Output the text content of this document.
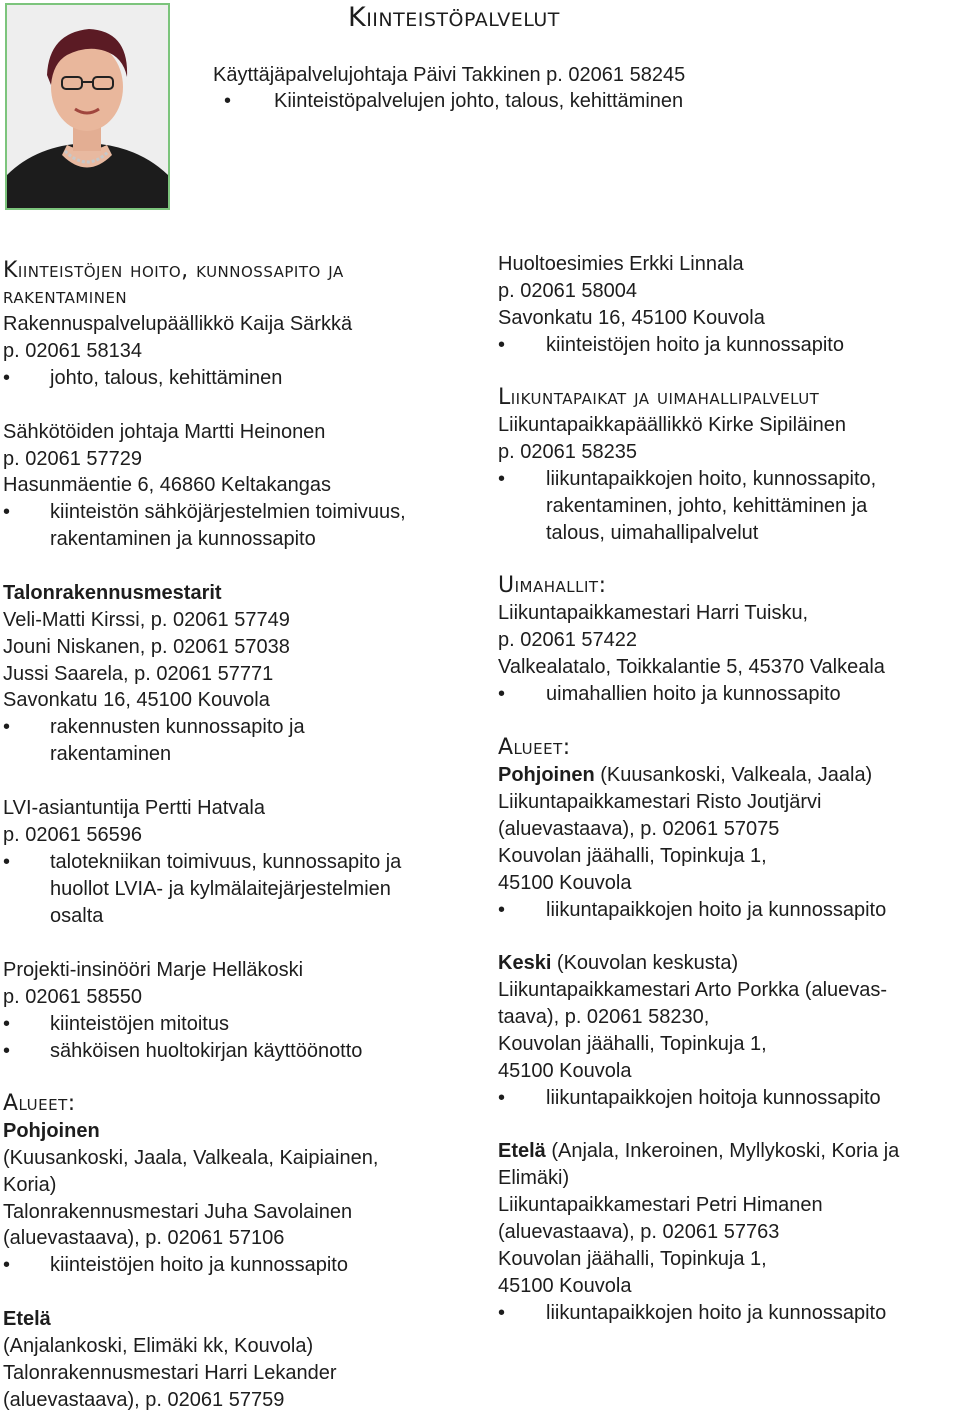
Kiinteistöpalvelut
Käyttäjäpalvelujohtaja Päivi Takkinen p. 02061 58245
• Kiinteistöpalvelujen johto, talous, kehittäminen
Kiinteistöjen hoito, kunnossapito ja
rakentaminen
Rakennuspalvelupäällikkö Kaija Särkkä
p. 02061 58134
• johto, talous, kehittäminen
Sähkötöiden johtaja Martti Heinonen
p. 02061 57729
Hasunmäentie 6, 46860 Keltakangas
• kiinteistön sähköjärjestelmien toimivuus,
rakentaminen ja kunnossapito
Talonrakennusmestarit
Veli-Matti Kirssi, p. 02061 57749
Jouni Niskanen, p. 02061 57038
Jussi Saarela, p. 02061 57771
Savonkatu 16, 45100 Kouvola
• rakennusten kunnossapito ja
rakentaminen
LVI-asiantuntija Pertti Hatvala
p. 02061 56596
• talotekniikan toimivuus, kunnossapito ja
huollot LVIA- ja kylmälaitejärjestelmien
osalta
Projekti-insinööri Marje Helläkoski
p. 02061 58550
• kiinteistöjen mitoitus
• sähköisen huoltokirjan käyttöönotto
Alueet:
Pohjoinen
(Kuusankoski, Jaala, Valkeala, Kaipiainen,
Koria)
Talonrakennusmestari Juha Savolainen
(aluevastaava), p. 02061 57106
• kiinteistöjen hoito ja kunnossapito
Etelä
(Anjalankoski, Elimäki kk, Kouvola)
Talonrakennusmestari Harri Lekander
(aluevastaava), p. 02061 57759
Huoltoesimies Erkki Linnala
p. 02061 58004
Savonkatu 16, 45100 Kouvola
• kiinteistöjen hoito ja kunnossapito
Liikuntapaikat ja uimahallipalvelut
Liikuntapaikkapäällikkö Kirke Sipiläinen
p. 02061 58235
• liikuntapaikkojen hoito, kunnossapito,
rakentaminen, johto, kehittäminen ja
talous, uimahallipalvelut
Uimahallit:
Liikuntapaikkamestari Harri Tuisku,
p. 02061 57422
Valkealatalo, Toikkalantie 5, 45370 Valkeala
• uimahallien hoito ja kunnossapito
Alueet:
Pohjoinen (Kuusankoski, Valkeala, Jaala)
Liikuntapaikkamestari Risto Joutjärvi
(aluevastaava), p. 02061 57075
Kouvolan jäähalli, Topinkuja 1,
45100 Kouvola
• liikuntapaikkojen hoito ja kunnossapito
Keski (Kouvolan keskusta)
Liikuntapaikkamestari Arto Porkka (aluevas-
taava), p. 02061 58230,
Kouvolan jäähalli, Topinkuja 1,
45100 Kouvola
• liikuntapaikkojen hoitoja kunnossapito
Etelä (Anjala, Inkeroinen, Myllykoski, Koria ja
Elimäki)
Liikuntapaikkamestari Petri Himanen
(aluevastaava), p. 02061 57763
Kouvolan jäähalli, Topinkuja 1,
45100 Kouvola
• liikuntapaikkojen hoito ja kunnossapito
